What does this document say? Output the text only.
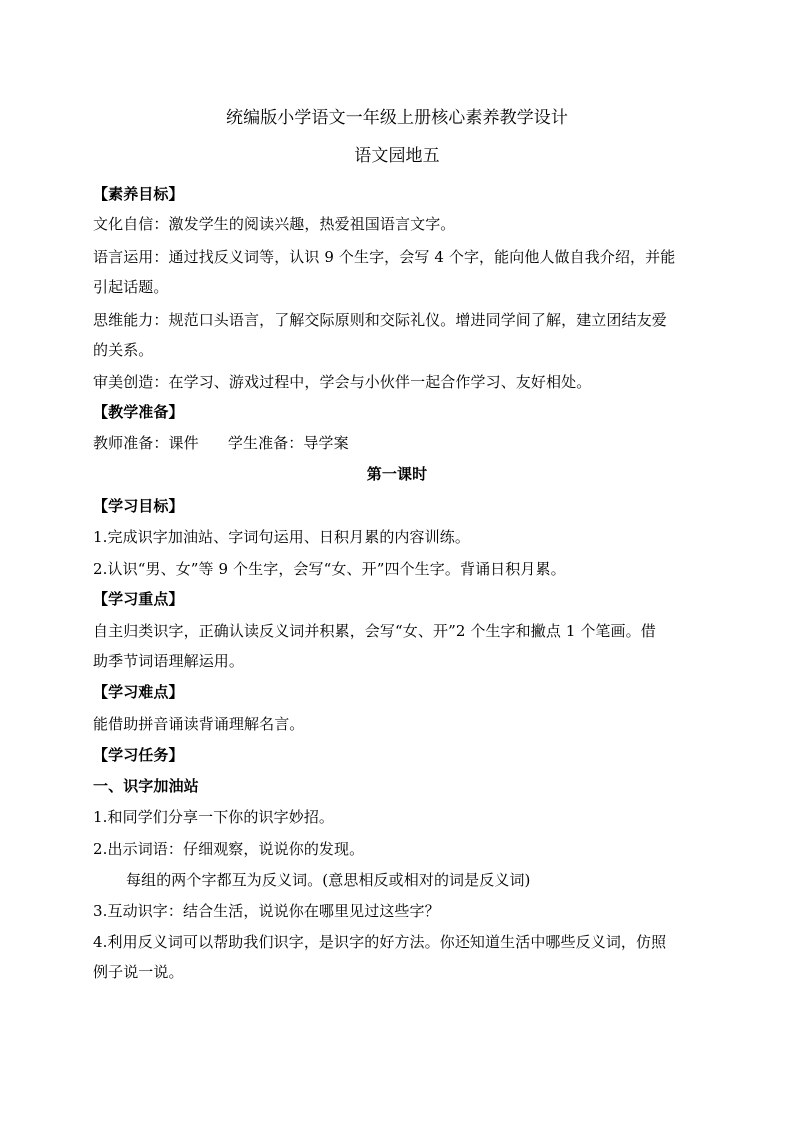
统编版小学语文一年级上册核心素养教学设计
语文园地五
【素养目标】
文化自信：激发学生的阅读兴趣，热爱祖国语言文字。
语言运用：通过找反义词等，认识 9 个生字，会写 4 个字，能向他人做自我介绍，并能
引起话题。
思维能力：规范口头语言，了解交际原则和交际礼仪。增进同学间了解，建立团结友爱
的关系。
审美创造：在学习、游戏过程中，学会与小伙伴一起合作学习、友好相处。
【教学准备】
教师准备：课件      学生准备：导学案
第一课时
【学习目标】
1.完成识字加油站、字词句运用、日积月累的内容训练。
2.认识“男、女”等 9 个生字，会写“女、开”四个生字。背诵日积月累。
【学习重点】
自主归类识字，正确认读反义词并积累，会写“女、开”2 个生字和撇点 1 个笔画。借
助季节词语理解运用。
【学习难点】
能借助拼音诵读背诵理解名言。
【学习任务】
一、识字加油站
1.和同学们分享一下你的识字妙招。
2.出示词语：仔细观察，说说你的发现。
每组的两个字都互为反义词。(意思相反或相对的词是反义词)
3.互动识字：结合生活，说说你在哪里见过这些字？
4.利用反义词可以帮助我们识字，是识字的好方法。你还知道生活中哪些反义词，仿照
例子说一说。
